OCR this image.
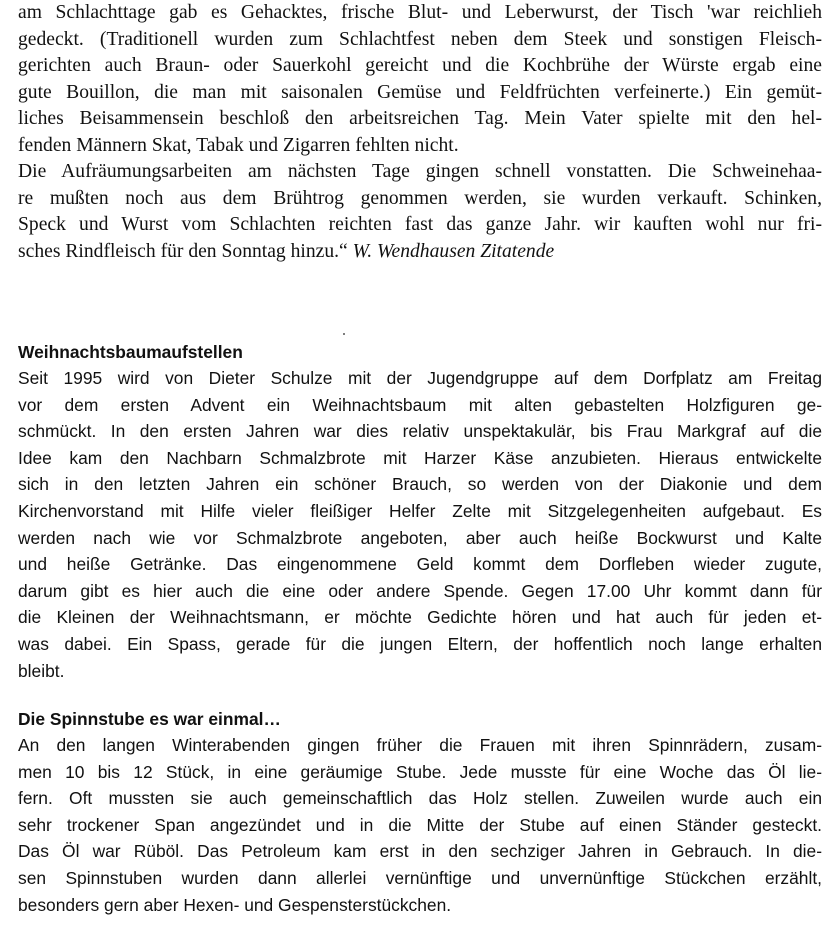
am Schlachttage gab es Gehacktes, frische Blut- und Leberwurst, der Tisch 'war reichlieh
gedeckt. (Traditionell wurden zum Schlachtfest neben dem Steek und sonstigen Fleisch-
gerichten auch Braun- oder Sauerkohl gereicht und die Kochbrühe der Würste ergab eine
gute Bouillon, die man mit saisonalen Gemüse und Feldfrüchten verfeinerte.) Ein gemüt-
liches Beisammensein beschloß den arbeitsreichen Tag. Mein Vater spielte mit den hel-
fenden Männern Skat, Tabak und Zigarren fehlten nicht.
Die Aufräumungsarbeiten am nächsten Tage gingen schnell vonstatten. Die Schweinehaa-
re mußten noch aus dem Brühtrog genommen werden, sie wurden verkauft. Schinken,
Speck und Wurst vom Schlachten reichten fast das ganze Jahr. wir kauften wohl nur fri-
sches Rindfleisch für den Sonntag hinzu.“ W. Wendhausen Zitatende
Weihnachtsbaumaufstellen
Seit 1995 wird von Dieter Schulze mit der Jugendgruppe auf dem Dorfplatz am Freitag
vor dem ersten Advent ein Weihnachtsbaum mit alten gebastelten Holzfiguren ge-
schmückt. In den ersten Jahren war dies relativ unspektakulär, bis Frau Markgraf auf die
Idee kam den Nachbarn Schmalzbrote mit Harzer Käse anzubieten. Hieraus entwickelte
sich in den letzten Jahren ein schöner Brauch, so werden von der Diakonie und dem
Kirchenvorstand mit Hilfe vieler fleißiger Helfer Zelte mit Sitzgelegenheiten aufgebaut. Es
werden nach wie vor Schmalzbrote angeboten, aber auch heiße Bockwurst und Kalte
und heiße Getränke. Das eingenommene Geld kommt dem Dorfleben wieder zugute,
darum gibt es hier auch die eine oder andere Spende. Gegen 17.00 Uhr kommt dann für
die Kleinen der Weihnachtsmann, er möchte Gedichte hören und hat auch für jeden et-
was dabei. Ein Spass, gerade für die jungen Eltern, der hoffentlich noch lange erhalten
bleibt.
Die Spinnstube es war einmal…
An den langen Winterabenden gingen früher die Frauen mit ihren Spinnrädern, zusam-
men 10 bis 12 Stück, in eine geräumige Stube. Jede musste für eine Woche das Öl lie-
fern. Oft mussten sie auch gemeinschaftlich das Holz stellen. Zuweilen wurde auch ein
sehr trockener Span angezündet und in die Mitte der Stube auf einen Ständer gesteckt.
Das Öl war Rüböl. Das Petroleum kam erst in den sechziger Jahren in Gebrauch. In die-
sen Spinnstuben wurden dann allerlei vernünftige und unvernünftige Stückchen erzählt,
besonders gern aber Hexen- und Gespensterstückchen.
